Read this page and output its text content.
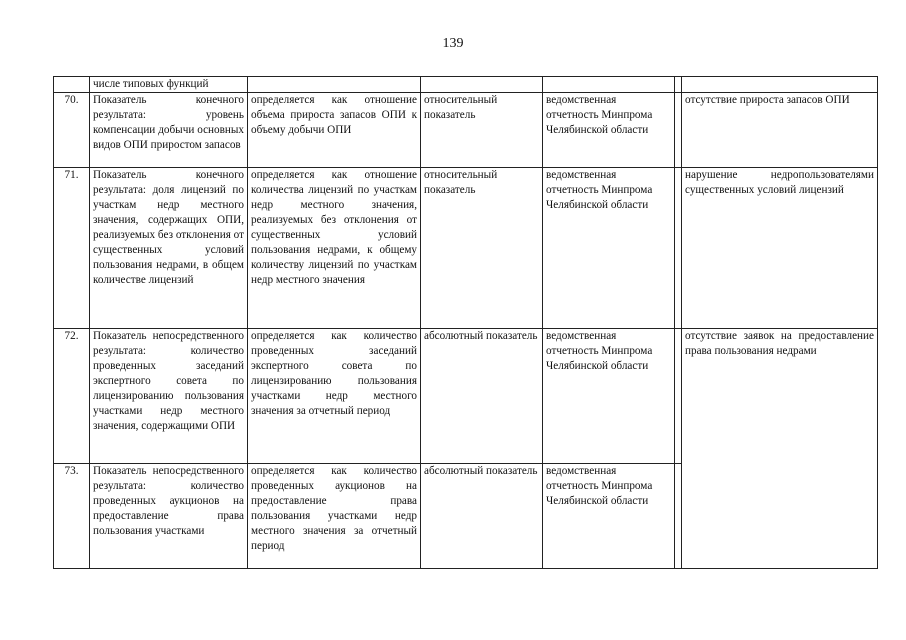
139
	числе типовых функций					
70.	Показатель конечного результата: уровень компенсации добычи основных видов ОПИ приростом запасов	определяется как отношение объема прироста запасов ОПИ к объему добычи ОПИ	относительный показатель	ведомственная отчетность Минпрома Челябинской области		отсутствие прироста запасов ОПИ
71.	Показатель конечного результата: доля лицензий по участкам недр местного значения, содержащих ОПИ, реализуемых без отклонения от существенных условий пользования недрами, в общем количестве лицензий	определяется как отношение количества лицензий по участкам недр местного значения, реализуемых без отклонения от существенных условий пользования недрами, к общему количеству лицензий по участкам недр местного значения	относительный показатель	ведомственная отчетность Минпрома Челябинской области		нарушение недропользователями существенных условий лицензий
72.	Показатель непосредственного результата: количество проведенных заседаний экспертного совета по лицензированию пользования участками недр местного значения, содержащими ОПИ	определяется как количество проведенных заседаний экспертного совета по лицензированию пользования участками недр местного значения за отчетный период	абсолютный показатель	ведомственная отчетность Минпрома Челябинской области		отсутствие заявок на предоставление права пользования недрами
73.	Показатель непосредственного результата: количество проведенных аукционов на предоставление права пользования участками	определяется как количество проведенных аукционов на предоставление права пользования участками недр местного значения за отчетный период	абсолютный показатель	ведомственная отчетность Минпрома Челябинской области		
